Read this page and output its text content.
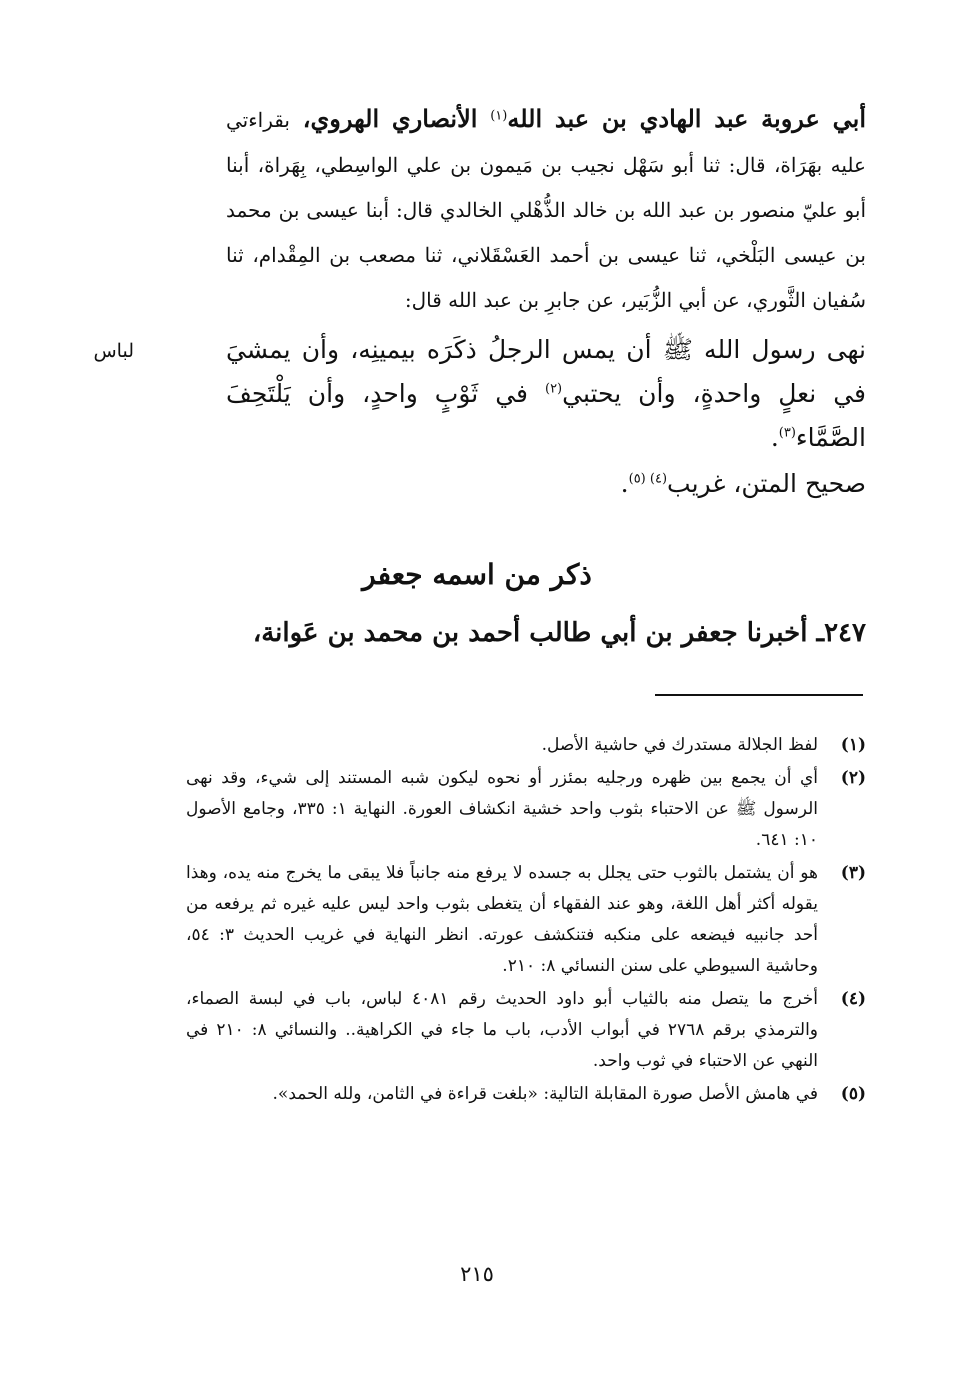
أبي عروبة عبد الهادي بن عبد الله$^{(١)}$ الأنصاري الهروي، بقراءتي عليه بهَرَاة، قال: ثنا أبو سَهْل نجيب بن مَيمون بن علي الواسِطي، بِهَراة، أبنا أبو عليّ منصور بن عبد الله بن خالد الذُّهْلي الخالدي قال: أبنا عيسى بن محمد بن عيسى البَلْخي، ثنا عيسى بن أحمد العَسْقَلاني، ثنا مصعب بن المِقْدام، ثنا سُفيان الثَّوري، عن أبي الزُّبَير، عن جابرِ بن عبد الله قال:
لباس	نهى رسول الله ﷺ أن يمس الرجلُ ذكَرَه بيمينِه، وأن يمشيَ في نعلٍ واحدةٍ، وأن يحتبي$^{(٢)}$ في ثَوْبٍ واحدٍ، وأن يَلْتَحِفَ الصَّمَّاء$^{(٣)}$.
صحيح المتن، غريب$^{(٤) (٥)}$.
ذكر من اسمه جعفر
٢٤٧ـ أخبرنا جعفر بن أبي طالب أحمد بن محمد بن عَوانة،
(١)
لفظ الجلالة مستدرك في حاشية الأصل.
(٢)
أي أن يجمع بين ظهره ورجليه بمئزر أو نحوه ليكون شبه المستند إلى شيء، وقد نهى الرسول ﷺ عن الاحتباء بثوب واحد خشية انكشاف العورة. النهاية ١: ٣٣٥، وجامع الأصول ١٠: ٦٤١.
(٣)
هو أن يشتمل بالثوب حتى يجلل به جسده لا يرفع منه جانباً فلا يبقى ما يخرج منه يده، وهذا يقوله أكثر أهل اللغة، وهو عند الفقهاء أن يتغطى بثوب واحد ليس عليه غيره ثم يرفعه من أحد جانبيه فيضعه على منكبه فتنكشف عورته. انظر النهاية في غريب الحديث ٣: ٥٤، وحاشية السيوطي على سنن النسائي ٨: ٢١٠.
(٤)
أخرج ما يتصل منه بالثياب أبو داود الحديث رقم ٤٠٨١ لباس، باب في لبسة الصماء، والترمذي برقم ٢٧٦٨ في أبواب الأدب، باب ما جاء في الكراهية.. والنسائي ٨: ٢١٠ في النهي عن الاحتباء في ثوب واحد.
(٥)
في هامش الأصل صورة المقابلة التالية: «بلغت قراءة في الثامن، ولله الحمد».
٢١٥
